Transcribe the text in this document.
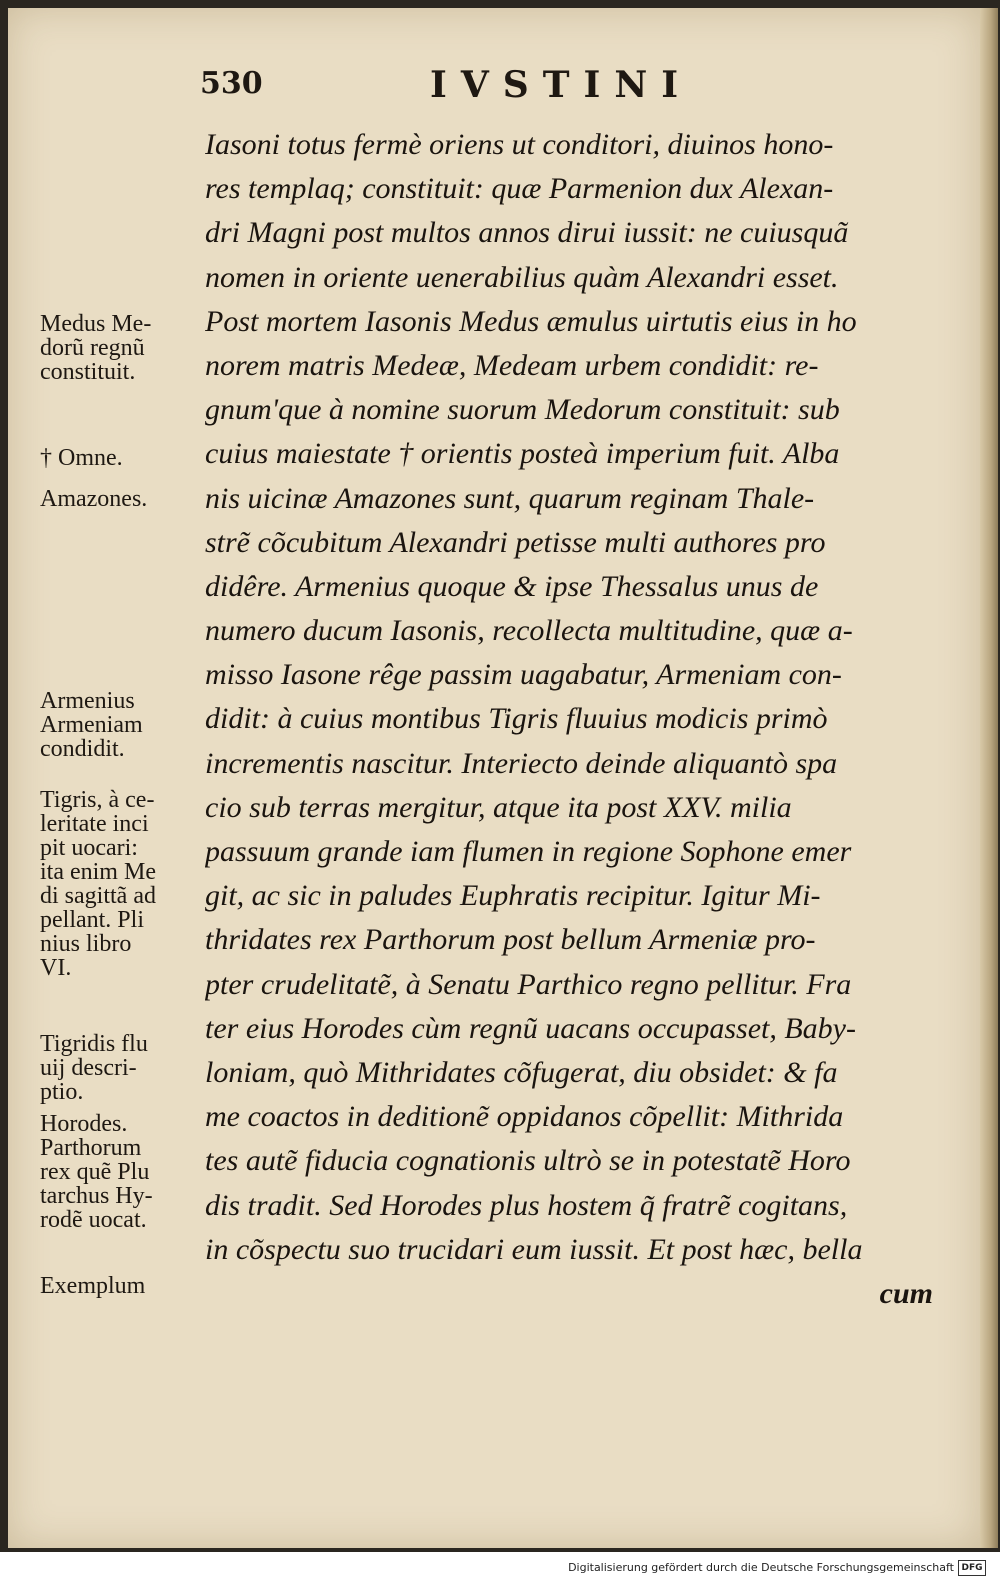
530	IVSTINI
Iasoni totus fermè oriens ut conditori, diuinos hono-
res templaq; constituit: quæ Parmenion dux Alexan-
dri Magni post multos annos dirui iussit: ne cuiusquã
nomen in oriente uenerabilius quàm Alexandri esset.
Post mortem Iasonis Medus æmulus uirtutis eius in ho
norem matris Medeæ, Medeam urbem condidit: re-
gnum'que à nomine suorum Medorum constituit: sub
cuius maiestate † orientis posteà imperium fuit. Alba
nis uicinæ Amazones sunt, quarum reginam Thale-
strẽ cõcubitum Alexandri petisse multi authores pro
didêre. Armenius quoque & ipse Thessalus unus de
numero ducum Iasonis, recollecta multitudine, quæ a-
misso Iasone rêge passim uagabatur, Armeniam con-
didit: à cuius montibus Tigris fluuius modicis primò
incrementis nascitur. Interiecto deinde aliquantò spa
cio sub terras mergitur, atque ita post XXV. milia
passuum grande iam flumen in regione Sophone emer
git, ac sic in paludes Euphratis recipitur. Igitur Mi-
thridates rex Parthorum post bellum Armeniæ pro-
pter crudelitatẽ, à Senatu Parthico regno pellitur. Fra
ter eius Horodes cùm regnũ uacans occupasset, Baby-
loniam, quò Mithridates cõfugerat, diu obsidet: & fa
me coactos in deditionẽ oppidanos cõpellit: Mithrida
tes autẽ fiducia cognationis ultrò se in potestatẽ Horo
dis tradit. Sed Horodes plus hostem q̃ fratrẽ cogitans,
in cõspectu suo trucidari eum iussit. Et post hæc, bella
cum
Medus Me-
dorũ regnũ
constituit.
† Omne.
Amazones.
Armenius
Armeniam
condidit.
Tigris, à ce-
leritate inci
pit uocari:
ita enim Me
di sagittã ad
pellant. Pli
nius libro
VI.
Tigridis flu
uij descri-
ptio.
Horodes.
Parthorum
rex quẽ Plu
tarchus Hy-
rodẽ uocat.
Exemplum
Digitalisierung gefördert durch die Deutsche Forschungsgemeinschaft DFG
